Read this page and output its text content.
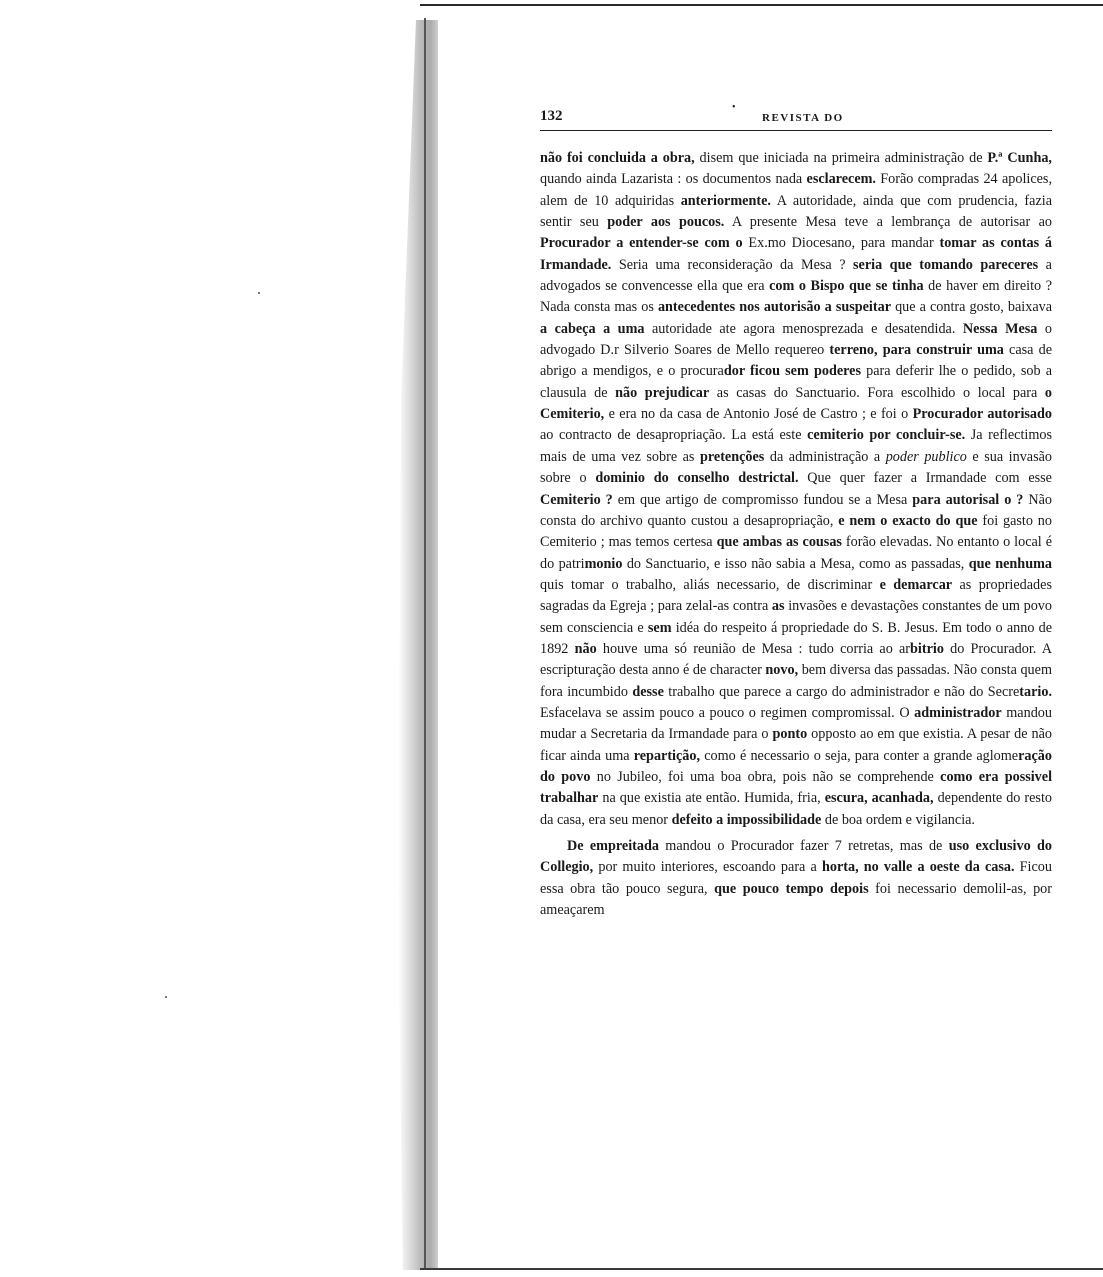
132
•
REVISTA DO

não foi concluida a obra, disem que iniciada na primeira administração de P.ª Cunha, quando ainda Lazarista : os documentos nada esclarecem. Forão compradas 24 apolices, alem de 10 adquiridas anteriormente. A autoridade, ainda que com prudencia, fazia sentir seu poder aos poucos. A presente Mesa teve a lembrança de autorisar ao Procurador a entender-se com o Ex.mo Diocesano, para mandar tomar as contas á Irmandade. Seria uma reconsideração da Mesa ? seria que tomando pareceres a advogados se convencesse ella que era com o Bispo que se tinha de haver em direito ? Nada consta mas os antecedentes nos autorisão a suspeitar que a contra gosto, baixava a cabeça a uma autoridade ate agora menosprezada e desatendida. Nessa Mesa o advogado D.r Silverio Soares de Mello requereo terreno, para construir uma casa de abrigo a mendigos, e o procurador ficou sem poderes para deferir lhe o pedido, sob a clausula de não prejudicar as casas do Sanctuario. Fora escolhido o local para o Cemiterio, e era no da casa de Antonio José de Castro ; e foi o Procurador autorisado ao contracto de desapropriação. La está este cemiterio por concluir-se. Ja reflectimos mais de uma vez sobre as pretenções da administração a poder publico e sua invasão sobre o dominio do conselho destrictal. Que quer fazer a Irmandade com esse Cemiterio ? em que artigo de compromisso fundou se a Mesa para autorisal o ? Não consta do archivo quanto custou a desapropriação, e nem o exacto do que foi gasto no Cemiterio ; mas temos certesa que ambas as cousas forão elevadas. No entanto o local é do patrimonio do Sanctuario, e isso não sabia a Mesa, como as passadas, que nenhuma quis tomar o trabalho, aliás necessario, de discriminar e demarcar as propriedades sagradas da Egreja ; para zelal-as contra as invasões e devastações constantes de um povo sem consciencia e sem idéa do respeito á propriedade do S. B. Jesus. Em todo o anno de 1892 não houve uma só reunião de Mesa : tudo corria ao arbitrio do Procurador. A escripturação desta anno é de character novo, bem diversa das passadas. Não consta quem fora incumbido desse trabalho que parece a cargo do administrador e não do Secretario. Esfacelava se assim pouco a pouco o regimen compromissal. O administrador mandou mudar a Secretaria da Irmandade para o ponto opposto ao em que existia. A pesar de não ficar ainda uma repartição, como é necessario o seja, para conter a grande aglomeração do povo no Jubileo, foi uma boa obra, pois não se comprehende como era possivel trabalhar na que existia ate então. Humida, fria, escura, acanhada, dependente do resto da casa, era seu menor defeito a impossibilidade de boa ordem e vigilancia.

De empreitada mandou o Procurador fazer 7 retretas, mas de uso exclusivo do Collegio, por muito interiores, escoando para a horta, no valle a oeste da casa. Ficou essa obra tão pouco segura, que pouco tempo depois foi necessario demolil-as, por ameaçarem
